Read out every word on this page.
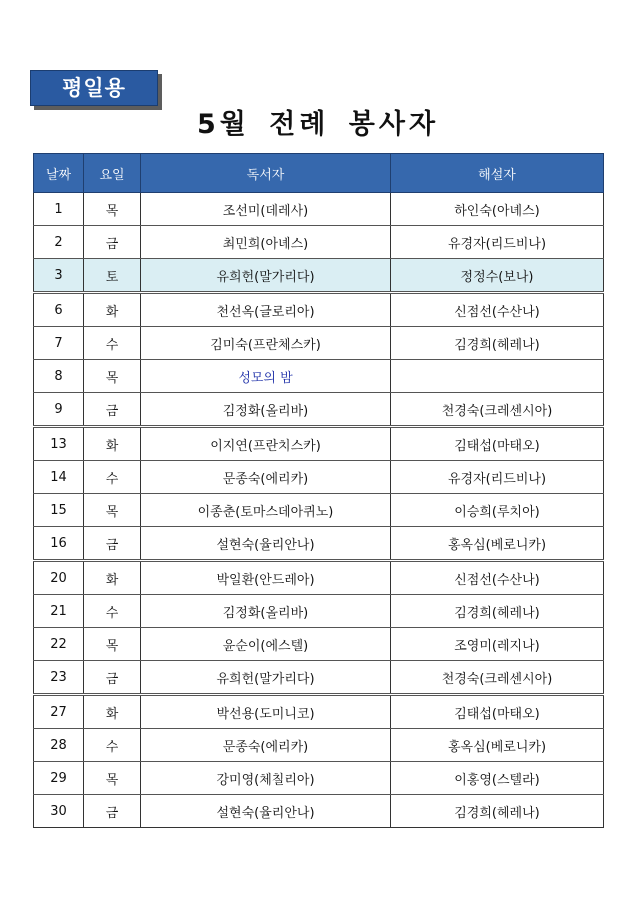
평일용
5월 전례 봉사자
날짜	요일	독서자	해설자
1	목	조선미(데레사)	하인숙(아녜스)
2	금	최민희(아녜스)	유경자(리드비나)
3	토	유희헌(말가리다)	정정수(보나)
6	화	천선옥(글로리아)	신점선(수산나)
7	수	김미숙(프란체스카)	김경희(헤레나)
8	목	성모의 밤	
9	금	김정화(올리바)	천경숙(크레센시아)
13	화	이지연(프란치스카)	김태섭(마태오)
14	수	문종숙(에리카)	유경자(리드비나)
15	목	이종춘(토마스데아퀴노)	이승희(루치아)
16	금	설현숙(율리안나)	홍옥심(베로니카)
20	화	박일환(안드레아)	신점선(수산나)
21	수	김정화(올리바)	김경희(헤레나)
22	목	윤순이(에스텔)	조영미(레지나)
23	금	유희헌(말가리다)	천경숙(크레센시아)
27	화	박선용(도미니코)	김태섭(마태오)
28	수	문종숙(에리카)	홍옥심(베로니카)
29	목	강미영(체칠리아)	이홍영(스텔라)
30	금	설현숙(율리안나)	김경희(헤레나)
